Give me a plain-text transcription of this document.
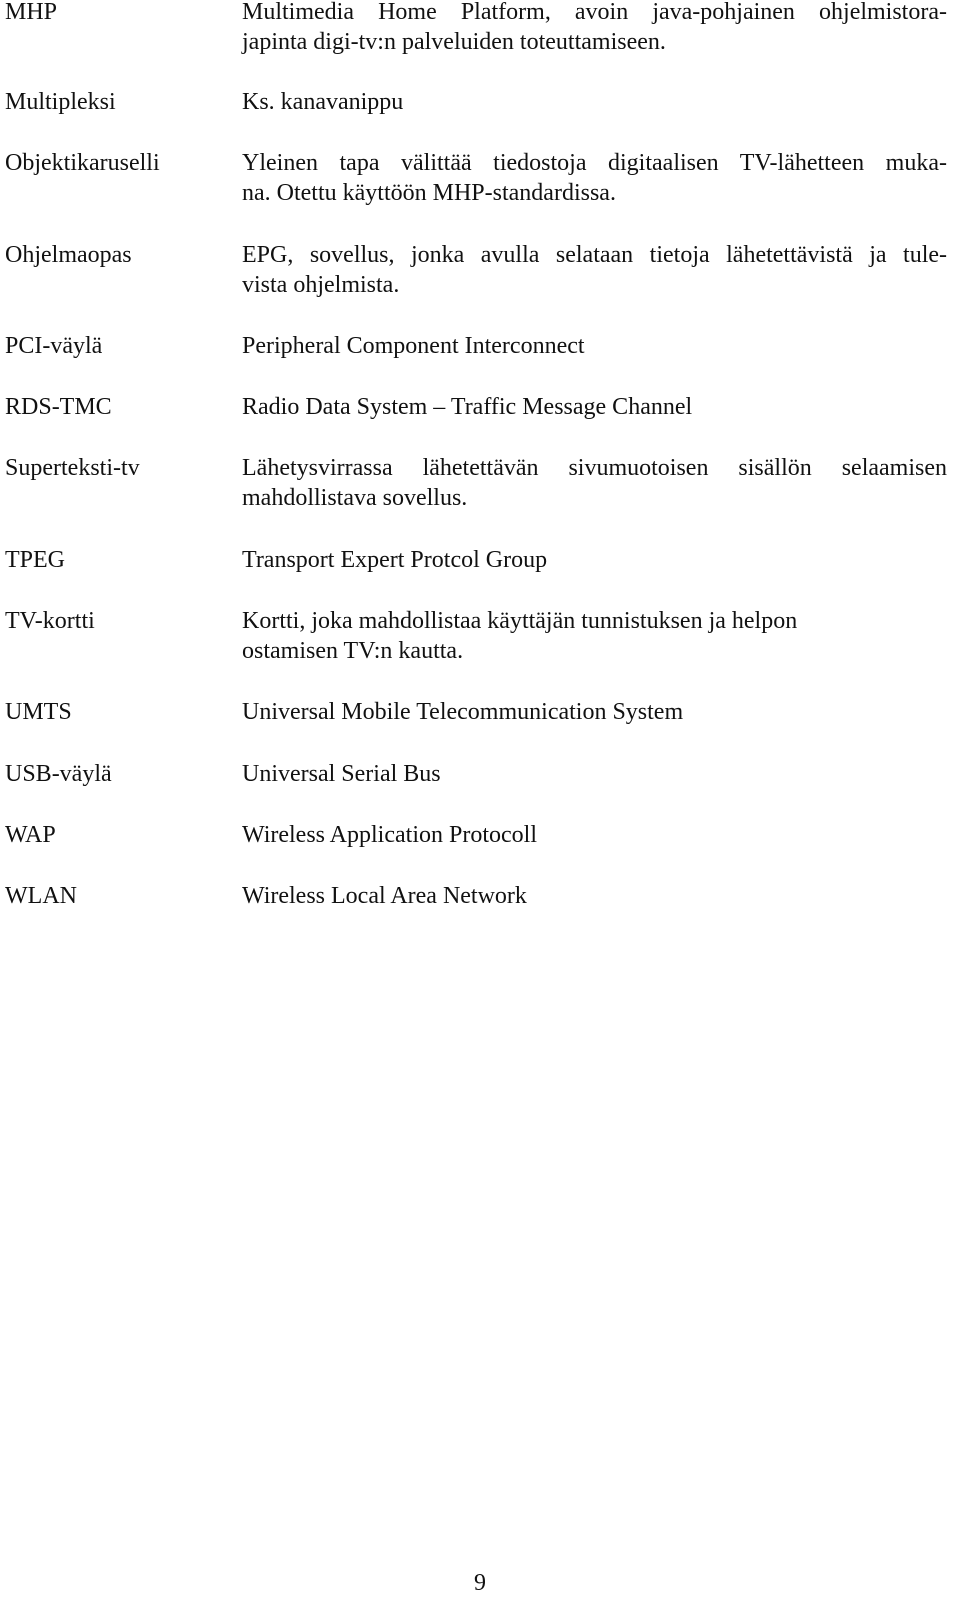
MHP	Multimedia Home Platform, avoin java-pohjainen ohjelmistora-
japinta digi-tv:n palveluiden toteuttamiseen.
Multipleksi	Ks. kanavanippu
Objektikaruselli	Yleinen tapa välittää tiedostoja digitaalisen TV-lähetteen muka-
na. Otettu käyttöön MHP-standardissa.
Ohjelmaopas	EPG, sovellus, jonka avulla selataan tietoja lähetettävistä ja tule-
vista ohjelmista.
PCI-väylä	Peripheral Component Interconnect
RDS-TMC	Radio Data System – Traffic Message Channel
Superteksti-tv	Lähetysvirrassa lähetettävän sivumuotoisen sisällön selaamisen
mahdollistava sovellus.
TPEG	Transport Expert Protcol Group
TV-kortti	Kortti, joka mahdollistaa käyttäjän tunnistuksen ja helpon
ostamisen TV:n kautta.
UMTS	Universal Mobile Telecommunication System
USB-väylä	Universal Serial Bus
WAP	Wireless Application Protocoll
WLAN	Wireless Local Area Network
9
